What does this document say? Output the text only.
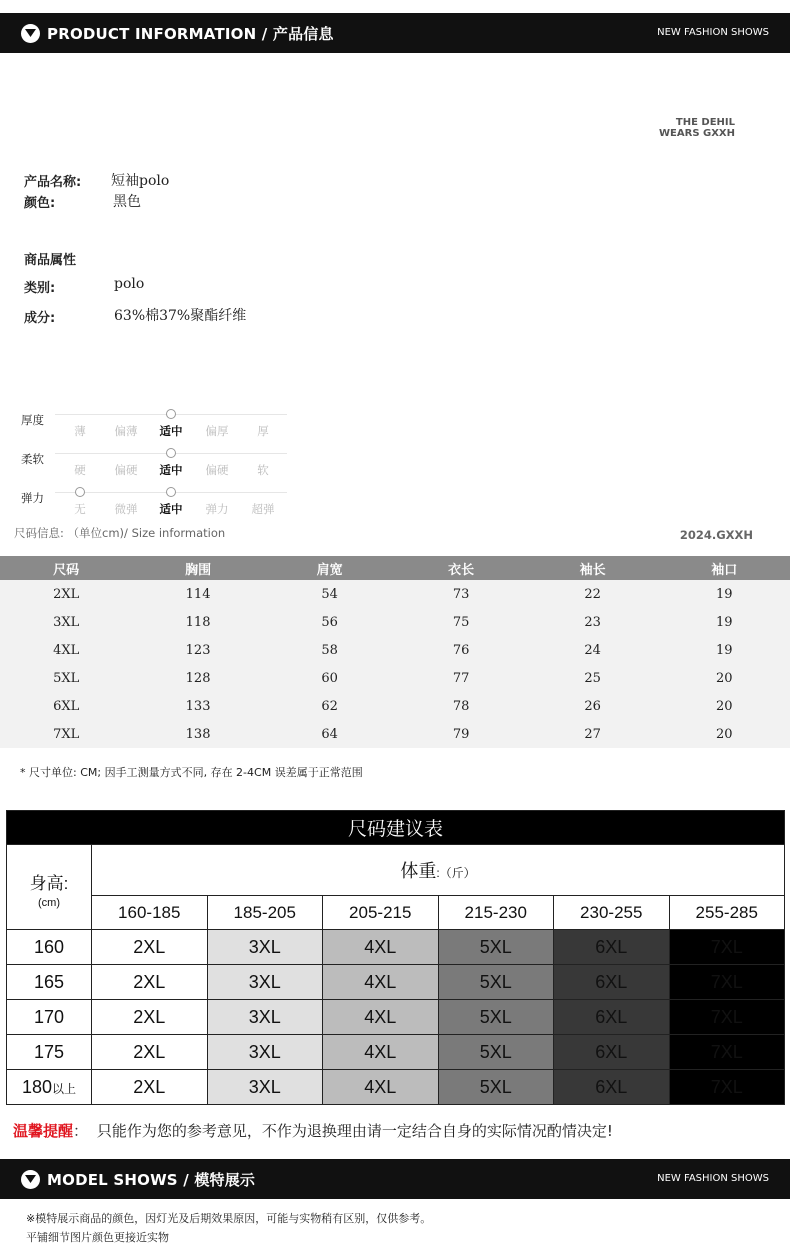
PRODUCT INFORMATION / 产品信息	NEW FASHION SHOWS
THE DEHIL
WEARS GXXH
产品名称: 短袖polo
颜色:	黑色
商品属性
类别:	polo
成分:	63%棉37%聚酯纤维
厚度
薄	偏薄	适中	偏厚	厚
柔软
硬	偏硬	适中	偏硬	软
弹力
无	微弹	适中	弹力	超弹
尺码信息: （单位cm)/ Size information	2024.GXXH
尺码	胸围	肩宽	衣长	袖长	袖口
2XL	114	54	73	22	19
3XL	118	56	75	23	19
4XL	123	58	76	24	19
5XL	128	60	77	25	20
6XL	133	62	78	26	20
7XL	138	64	79	27	20
* 尺寸单位: CM; 因手工测量方式不同, 存在 2-4CM 误差属于正常范围
尺码建议表						

身高:
(cm)	体重:（斤）					
	160-185	185-205	205-215	215-230	230-255	255-285
160	2XL	3XL	4XL	5XL	6XL	7XL
165	2XL	3XL	4XL	5XL	6XL	7XL
170	2XL	3XL	4XL	5XL	6XL	7XL
175	2XL	3XL	4XL	5XL	6XL	7XL
180以上	2XL	3XL	4XL	5XL	6XL	7XL
温馨提醒： 只能作为您的参考意见，不作为退换理由请一定结合自身的实际情况酌情决定!
MODEL SHOWS / 模特展示	NEW FASHION SHOWS
※模特展示商品的颜色，因灯光及后期效果原因，可能与实物稍有区别，仅供参考。
平铺细节图片颜色更接近实物
